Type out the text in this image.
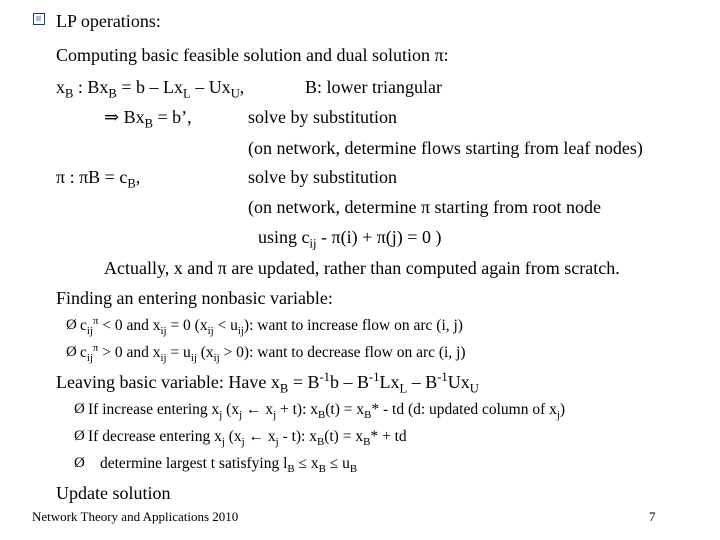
LP operations:
Computing basic feasible solution and dual solution π:
$x_B$ : $Bx_B = b - Lx_L - Ux_U$,	B: lower triangular
⇒ $Bx_B = b$’,	solve by substitution
(on network, determine flows starting from leaf nodes)
π : $\pi B = c_B$,	solve by substitution
(on network, determine π starting from root node
using $c_{ij} - \pi(i) + \pi(j) = 0$ )
Actually, x and π are updated, rather than computed again from scratch.
Finding an entering nonbasic variable:
Ø $c_{ij}^\pi < 0$ and $x_{ij} = 0$ $(x_{ij} < u_{ij})$: want to increase flow on arc (i, j)
Ø $c_{ij}^\pi > 0$ and $x_{ij} = u_{ij}$ $(x_{ij} > 0)$: want to decrease flow on arc (i, j)
Leaving basic variable: Have $x_B = B^{-1}b - B^{-1}Lx_L - B^{-1}Ux_U$
Ø If increase entering $x_j$ ($x_j$ ← $x_j + t$): $x_B(t) = x_B*$ - td (d: updated column of $x_j$)
Ø If decrease entering $x_j$ ($x_j$ ← $x_j - t$): $x_B(t) = x_B*$ + td
Ø determine largest t satisfying $l_B \le x_B \le u_B$
Update solution
Network Theory and Applications 2010	7
